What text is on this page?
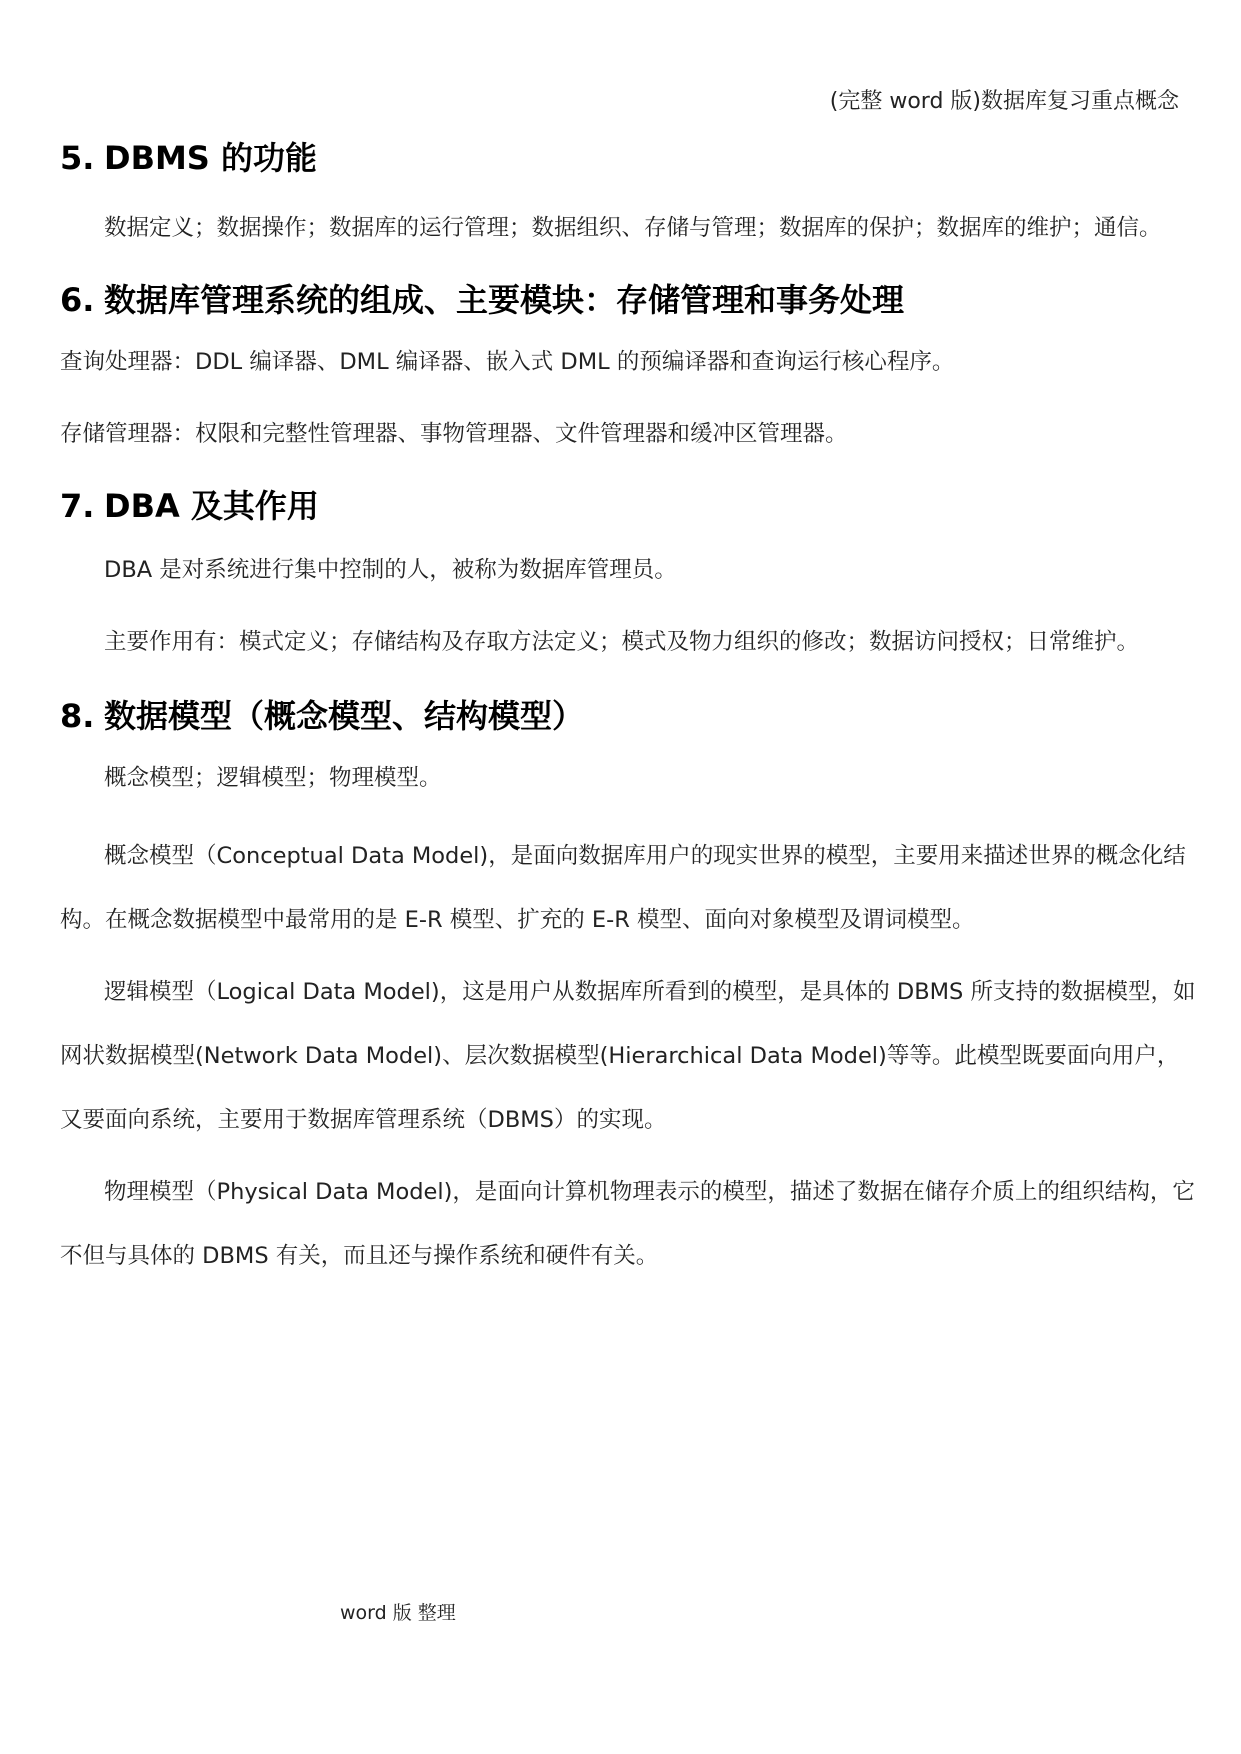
(完整 word 版)数据库复习重点概念
5. DBMS 的功能

数据定义；数据操作；数据库的运行管理；数据组织、存储与管理；数据库的保护；数据库的维护；通信。

6. 数据库管理系统的组成、主要模块：存储管理和事务处理

查询处理器：DDL 编译器、DML 编译器、嵌入式 DML 的预编译器和查询运行核心程序。

存储管理器：权限和完整性管理器、事物管理器、文件管理器和缓冲区管理器。

7. DBA 及其作用

DBA 是对系统进行集中控制的人，被称为数据库管理员。

主要作用有：模式定义；存储结构及存取方法定义；模式及物力组织的修改；数据访问授权；日常维护。

8. 数据模型（概念模型、结构模型）

概念模型；逻辑模型；物理模型。

概念模型（Conceptual Data Model)，是面向数据库用户的现实世界的模型，主要用来描述世界的概念化结构。在概念数据模型中最常用的是 E-R 模型、扩充的 E-R 模型、面向对象模型及谓词模型。

逻辑模型（Logical Data Model)，这是用户从数据库所看到的模型，是具体的 DBMS 所支持的数据模型，如网状数据模型(Network Data Model)、层次数据模型(Hierarchical Data Model)等等。此模型既要面向用户，又要面向系统，主要用于数据库管理系统（DBMS）的实现。

物理模型（Physical Data Model)，是面向计算机物理表示的模型，描述了数据在储存介质上的组织结构，它不但与具体的 DBMS 有关，而且还与操作系统和硬件有关。

word 版 整理
